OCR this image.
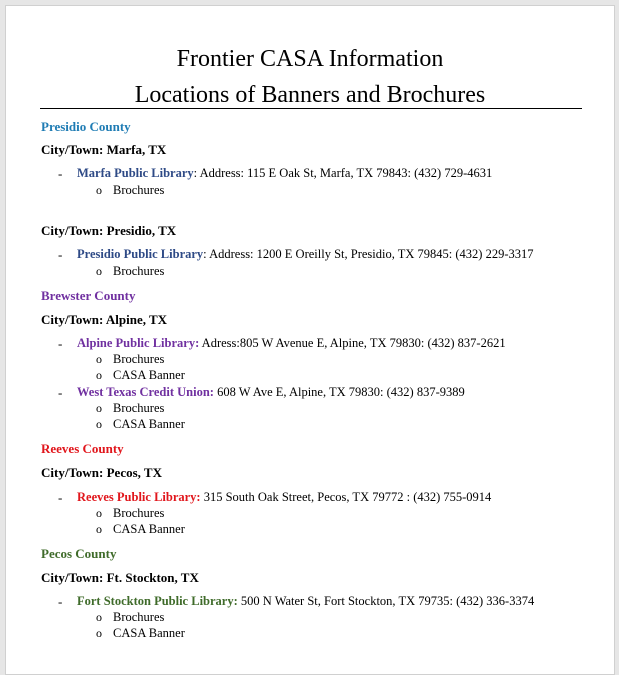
Frontier CASA Information
Locations of Banners and Brochures
Presidio County
City/Town: Marfa, TX
- Marfa Public Library: Address: 115 E Oak St, Marfa, TX 79843: (432) 729-4631
o Brochures
City/Town: Presidio, TX
- Presidio Public Library: Address: 1200 E Oreilly St, Presidio, TX 79845: (432) 229-3317
o Brochures
Brewster County
City/Town: Alpine, TX
- Alpine Public Library: Adress:805 W Avenue E, Alpine, TX 79830: (432) 837-2621
o Brochures
o CASA Banner
- West Texas Credit Union: 608 W Ave E, Alpine, TX 79830: (432) 837-9389
o Brochures
o CASA Banner
Reeves County
City/Town: Pecos, TX
- Reeves Public Library: 315 South Oak Street, Pecos, TX 79772 : (432) 755-0914
o Brochures
o CASA Banner
Pecos County
City/Town: Ft. Stockton, TX
- Fort Stockton Public Library: 500 N Water St, Fort Stockton, TX 79735: (432) 336-3374
o Brochures
o CASA Banner
